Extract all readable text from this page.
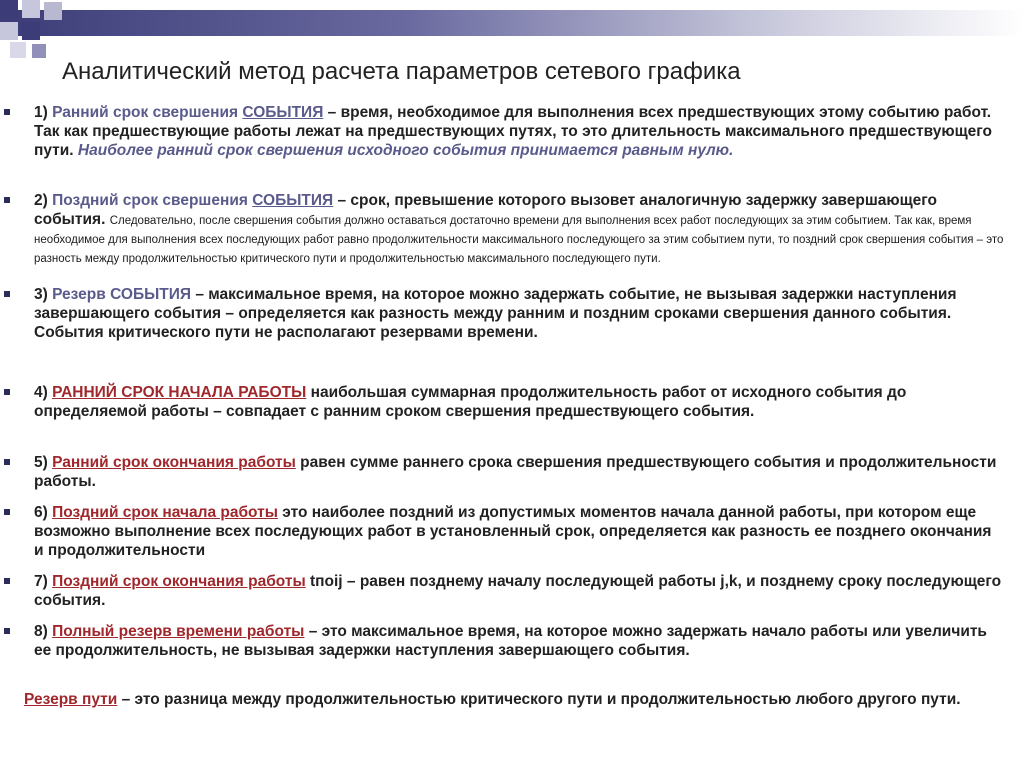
Аналитический метод расчета параметров сетевого графика
1) Ранний срок свершения СОБЫТИЯ – время, необходимое для выполнения всех предшествующих этому событию работ. Так как предшествующие работы лежат на предшествующих путях, то это длительность максимального предшествующего пути. Наиболее ранний срок свершения исходного события принимается равным нулю.
2) Поздний срок свершения СОБЫТИЯ – срок, превышение которого вызовет аналогичную задержку завершающего события. Следовательно, после свершения события должно оставаться достаточно времени для выполнения всех работ последующих за этим событием. Так как, время необходимое для выполнения всех последующих работ равно продолжительности максимального последующего за этим событием пути, то поздний срок свершения события – это разность между продолжительностью критического пути и продолжительностью максимального последующего пути.
3) Резерв СОБЫТИЯ – максимальное время, на которое можно задержать событие, не вызывая задержки наступления завершающего события – определяется как разность между ранним и поздним сроками свершения данного события. События критического пути не располагают резервами времени.
4) РАННИЙ СРОК НАЧАЛА РАБОТЫ наибольшая суммарная продолжительность работ от исходного события до определяемой работы – совпадает с ранним сроком свершения предшествующего события.
5) Ранний срок окончания работы равен сумме раннего срока свершения предшествующего события и продолжительности работы.
6) Поздний срок начала работы это наиболее поздний из допустимых моментов начала данной работы, при котором еще возможно выполнение всех последующих работ в установленный срок, определяется как разность ее позднего окончания и продолжительности
7) Поздний срок окончания работы tпoij – равен позднему началу последующей работы j,k, и позднему сроку последующего события.
8) Полный резерв времени работы – это максимальное время, на которое можно задержать начало работы или увеличить ее продолжительность, не вызывая задержки наступления завершающего события.
Резерв пути – это разница между продолжительностью критического пути и продолжительностью любого другого пути.
